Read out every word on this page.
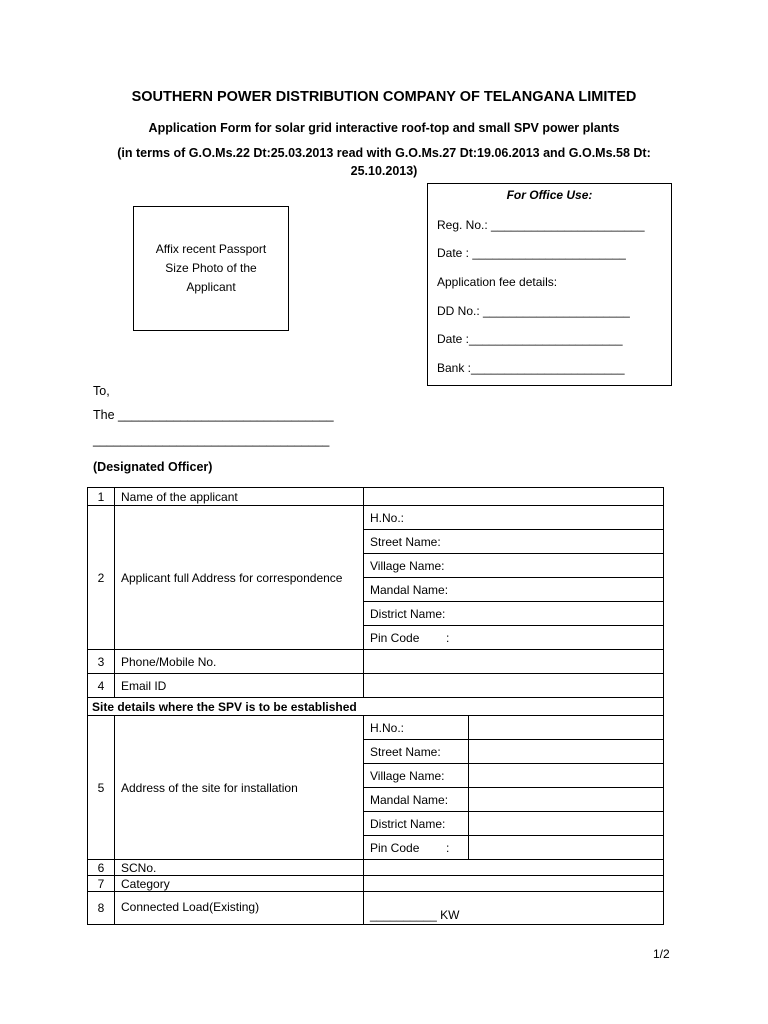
SOUTHERN POWER DISTRIBUTION COMPANY OF TELANGANA LIMITED
Application Form for solar grid interactive roof-top and small SPV power plants
(in terms of G.O.Ms.22 Dt:25.03.2013 read with G.O.Ms.27 Dt:19.06.2013 and G.O.Ms.58 Dt: 25.10.2013)
Affix recent Passport Size Photo of the Applicant
For Office Use:
Reg. No.: _______________________
Date : _______________________
Application fee details:
DD No.: ______________________
Date :_______________________
Bank :_______________________
To,
The _______________________________
__________________________________
(Designated Officer)
1	Name of the applicant		
2	Applicant full Address for correspondence	H.No.:	
		Street Name:	
		Village Name:	
		Mandal Name:	
		District Name:	
		Pin Code        :	
3	Phone/Mobile No.		
4	Email ID		
Site details where the SPV is to be established			
5	Address of the site for installation	H.No.:	
		Street Name:	
		Village Name:	
		Mandal Name:	
		District Name:	
		Pin Code        :	
6	SCNo.		
7	Category		
8	Connected Load(Existing)	__________ KW	
1/2
